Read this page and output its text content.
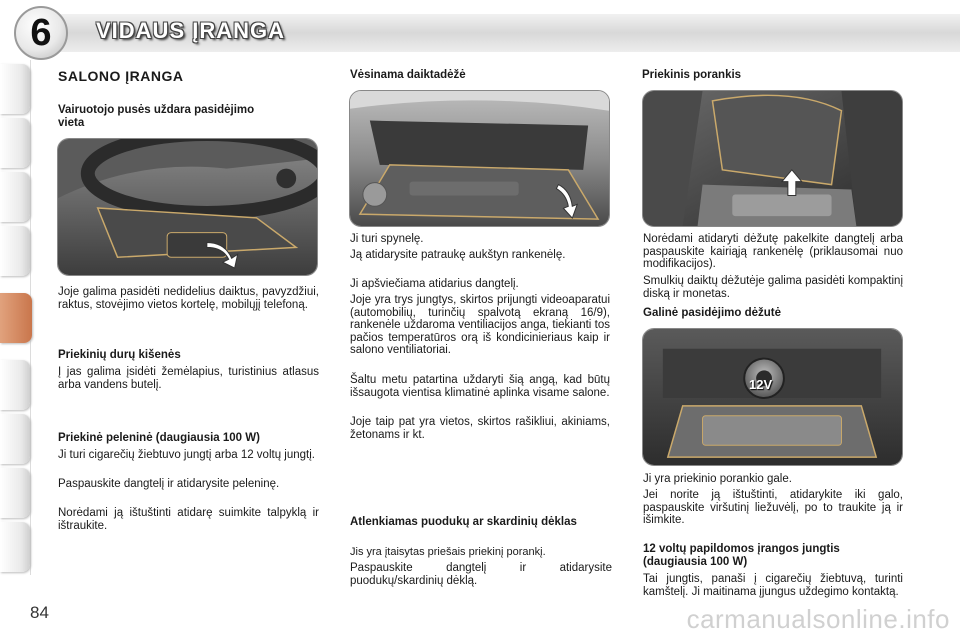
6	VIDAUS ĮRANGA
SALONO ĮRANGA
Vairuotojo pusės uždara pasidėjimo vieta

Joje galima pasidėti nedidelius daiktus, pavyzdžiui, raktus, stovėjimo vietos kortelę, mobilųjį telefoną.

Priekinių durų kišenės

Į jas galima įsidėti žemėlapius, turistinius atlasus arba vandens butelį.

Priekinė peleninė (daugiausia 100 W)

Ji turi cigarečių žiebtuvo jungtį arba 12 voltų jungtį.

Paspauskite dangtelį ir atidarysite peleninę.

Norėdami ją ištuštinti atidarę suimkite talpyklą ir ištraukite.

Vėsinama daiktadėžė

Ji turi spynelę.

Ją atidarysite patraukę aukštyn rankenėlę.

Ji apšviečiama atidarius dangtelį.

Joje yra trys jungtys, skirtos prijungti videoaparatui (automobilių, turinčių spalvotą ekraną 16/9), rankenėle uždaroma ventiliacijos anga, tiekianti tos pačios temperatūros orą iš kondicinieriaus kaip ir salono ventiliatoriai.

Šaltu metu patartina uždaryti šią angą, kad būtų išsaugota vientisa klimatinė aplinka visame salone.

Joje taip pat yra vietos, skirtos rašikliui, akiniams, žetonams ir kt.

Atlenkiamas puodukų ar skardinių dėklas

Jis yra įtaisytas priešais priekinį porankį.

Paspauskite dangtelį ir atidarysite puodukų/skardinių dėklą.

Priekinis porankis

Norėdami atidaryti dėžutę pakelkite dangtelį arba paspauskite kairiąją rankenėlę (priklausomai nuo modifikacijos).

Smulkių daiktų dėžutėje galima pasidėti kompaktinį diską ir monetas.

Galinė pasidėjimo dėžutė
12V

Ji yra priekinio porankio gale.

Jei norite ją ištuštinti, atidarykite iki galo, paspauskite viršutinį liežuvėlį, po to traukite ją ir išimkite.

12 voltų papildomos įrangos jungtis (daugiausia 100 W)

Tai jungtis, panaši į cigarečių žiebtuvą, turinti kamštelį. Ji maitinama įjungus uždegimo kontaktą.

84	carmanualsonline.info
